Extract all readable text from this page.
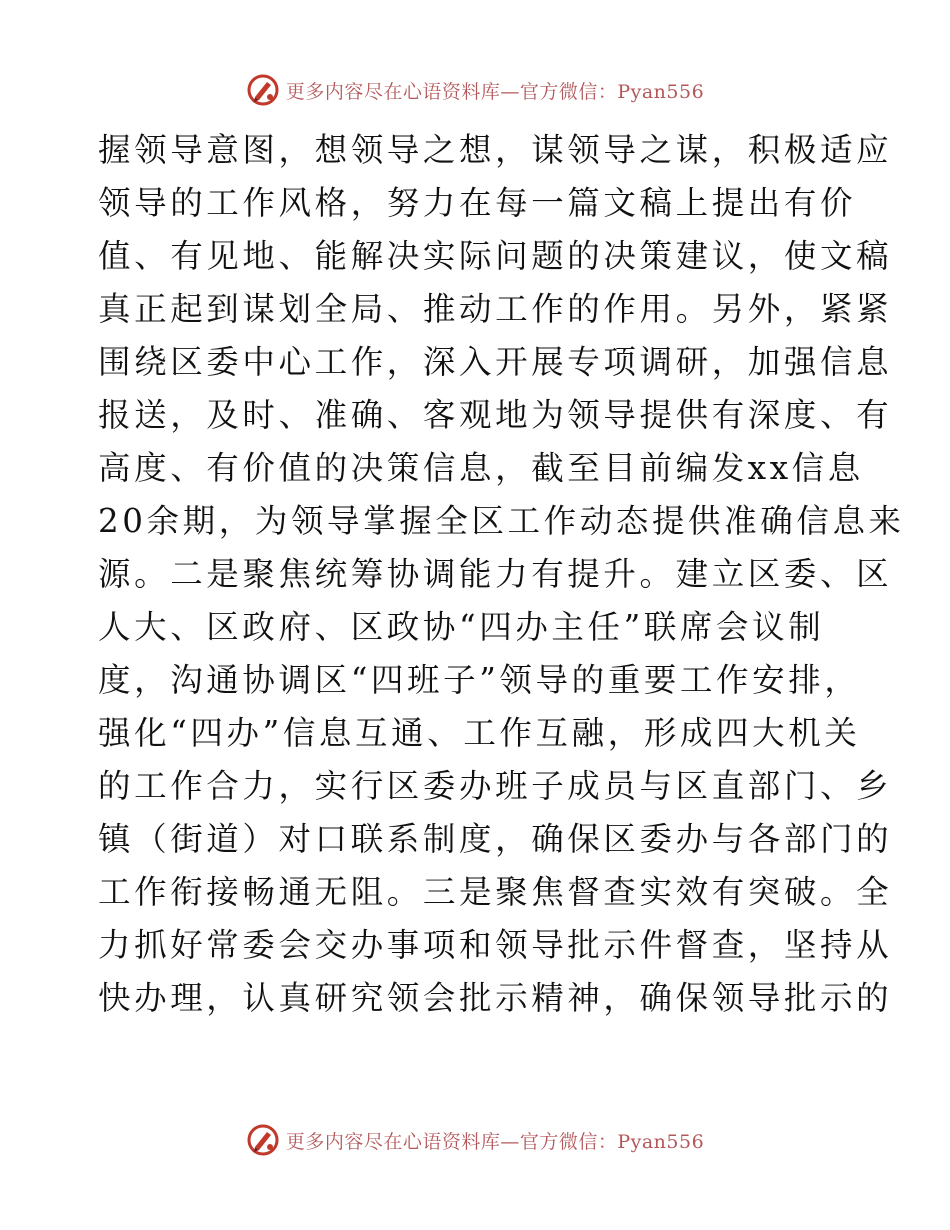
更多内容尽在心语资料库—官方微信：Pyan556
握领导意图，想领导之想，谋领导之谋，积极适应
领导的工作风格，努力在每一篇文稿上提出有价
值、有见地、能解决实际问题的决策建议，使文稿
真正起到谋划全局、推动工作的作用。另外，紧紧
围绕区委中心工作，深入开展专项调研，加强信息
报送，及时、准确、客观地为领导提供有深度、有
高度、有价值的决策信息，截至目前编发xx信息
20余期，为领导掌握全区工作动态提供准确信息来
源。二是聚焦统筹协调能力有提升。建立区委、区
人大、区政府、区政协“四办主任”联席会议制
度，沟通协调区“四班子”领导的重要工作安排，
强化“四办”信息互通、工作互融，形成四大机关
的工作合力，实行区委办班子成员与区直部门、乡
镇（街道）对口联系制度，确保区委办与各部门的
工作衔接畅通无阻。三是聚焦督查实效有突破。全
力抓好常委会交办事项和领导批示件督查，坚持从
快办理，认真研究领会批示精神，确保领导批示的
更多内容尽在心语资料库—官方微信：Pyan556
